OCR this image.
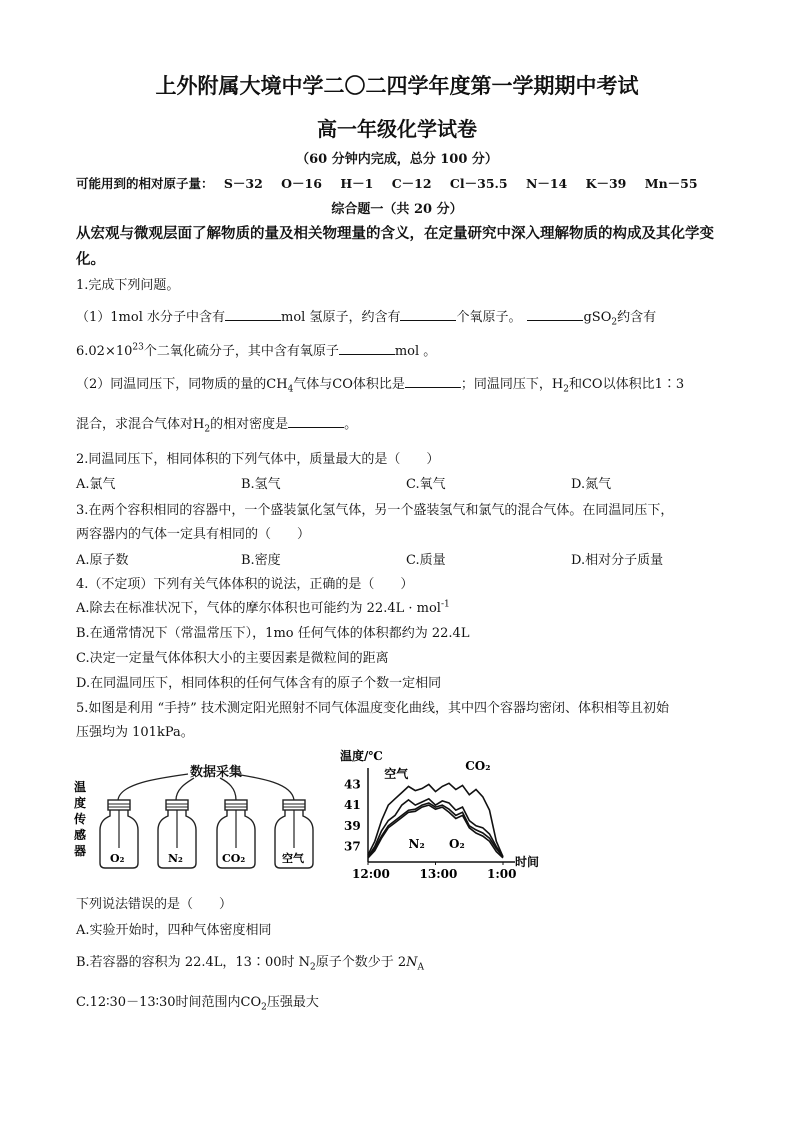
上外附属大境中学二〇二四学年度第一学期期中考试
高一年级化学试卷
（60 分钟内完成，总分 100 分）
可能用到的相对原子量： S－32 O－16 H－1 C－12 Cl－35.5 N－14 K－39 Mn－55
综合题一（共 20 分）
从宏观与微观层面了解物质的量及相关物理量的含义，在定量研究中深入理解物质的构成及其化学变化。
1.完成下列问题。
（1）1mol 水分子中含有	mol 氢原子，约含有	个氧原子。	gSO$_2$约含有
$6.02\times 10^{23}$个二氧化硫分子，其中含有氧原子	mol 。
（2）同温同压下，同物质的量的$CH_4$气体与CO体积比是	；同温同压下，$H_2$和CO以体积比1∶3
混合，求混合气体对$H_2$的相对密度是	。
2.同温同压下，相同体积的下列气体中，质量最大的是（　　）
A.氯气	B.氢气	C.氧气	D.氮气
3.在两个容积相同的容器中，一个盛装氯化氢气体，另一个盛装氢气和氯气的混合气体。在同温同压下，
两容器内的气体一定具有相同的（　　）
A.原子数	B.密度	C.质量	D.相对分子质量
4.（不定项）下列有关气体体积的说法，正确的是（　　）
A.除去在标准状况下，气体的摩尔体积也可能约为 22.4L · mol$^{-1}$
B.在通常情况下（常温常压下），1mo 任何气体的体积都约为 22.4L
C.决定一定量气体体积大小的主要因素是微粒间的距离
D.在同温同压下，相同体积的任何气体含有的原子个数一定相同
5.如图是利用 “手持” 技术测定阳光照射不同气体温度变化曲线，其中四个容器均密闭、体积相等且初始
压强均为 101kPa。
数据采集
温
度
传
感
器
O₂	N₂	CO₂	空气
温度/℃
时间
43
41
39
37
12:00 13:00 1:00
CO₂
空气
N₂ O₂
下列说法错误的是（　　）
A.实验开始时，四种气体密度相同
B.若容器的容积为 22.4L，13∶00时 $N_2$原子个数少于 $2N_A$
C.12∶30－13∶30时间范围内$CO_2$压强最大
